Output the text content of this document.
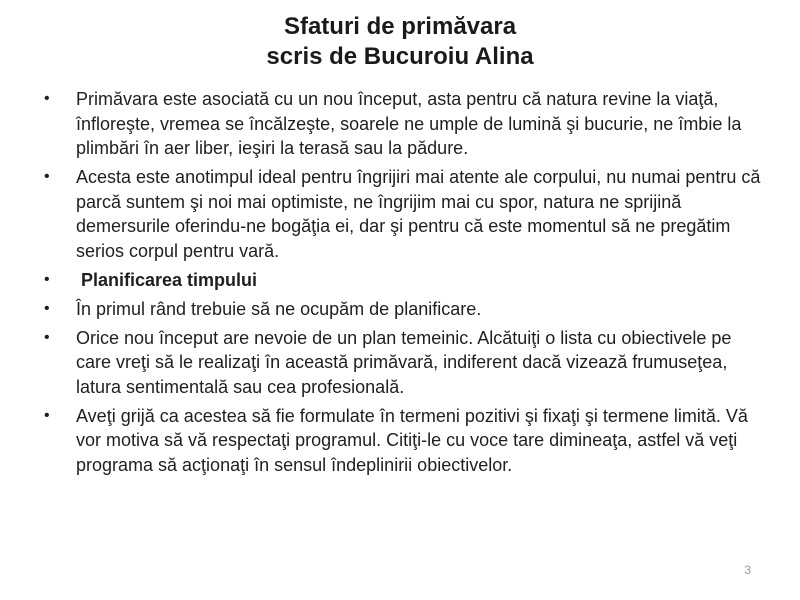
Sfaturi de primăvara
scris de Bucuroiu Alina
• Primăvara este asociată cu un nou început, asta pentru că natura revine la viaţă, înfloreşte, vremea se încălzeşte, soarele ne umple de lumină şi bucurie, ne îmbie la plimbări în aer liber, ieşiri la terasă sau la pădure.
• Acesta este anotimpul ideal pentru îngrijiri mai atente ale corpului, nu numai pentru că parcă suntem şi noi mai optimiste, ne îngrijim mai cu spor, natura ne sprijină demersurile oferindu-ne bogăţia ei, dar şi pentru că este momentul să ne pregătim serios corpul pentru vară.
• Planificarea timpului
• În primul rând trebuie să ne ocupăm de planificare.
• Orice nou început are nevoie de un plan temeinic. Alcătuiţi o lista cu obiectivele pe care vreţi să le realizaţi în această primăvară, indiferent dacă vizează frumuseţea, latura sentimentală sau cea profesională.
• Aveţi grijă ca acestea să fie formulate în termeni pozitivi şi fixaţi şi termene limită. Vă vor motiva să vă respectaţi programul. Citiţi-le cu voce tare dimineaţa, astfel vă veţi programa să acţionaţi în sensul îndeplinirii obiectivelor.
3
